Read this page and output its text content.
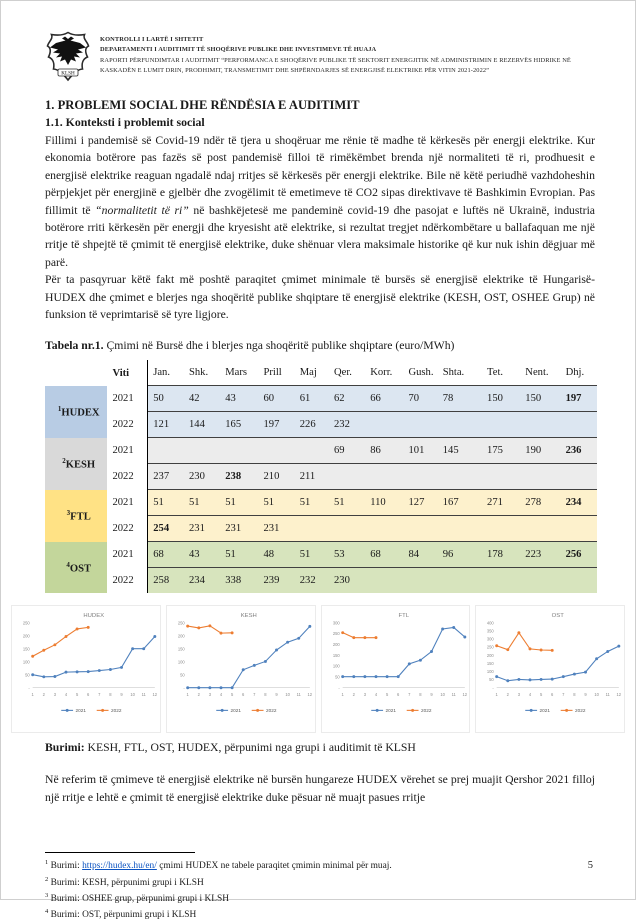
KLSH
KONTROLLI I LARTË I SHTETIT
DEPARTAMENTI I AUDITIMIT TË SHOQËRIVE PUBLIKE DHE INVESTIMEVE TË HUAJA
RAPORTI PËRFUNDIMTAR I AUDITIMIT “PERFORMANCA E SHOQËRIVE PUBLIKE TË SEKTORIT ENERGJITIK NË ADMINISTRIMIN E REZERVËS HIDRIKE NË
KASKADËN E LUMIT DRIN, PRODHIMIT, TRANSMETIMIT DHE SHPËRNDARJES SË ENERGJISË ELEKTRIKE PËR VITIN 2021-2022”
1. PROBLEMI SOCIAL DHE RËNDËSIA E AUDITIMIT
1.1. Konteksti i problemit social

Fillimi i pandemisë së Covid-19 ndër të tjera u shoqëruar me rënie të madhe të kërkesës për energji elektrike. Kur ekonomia botërore pas fazës së post pandemisë filloi të rimëkëmbet brenda një normaliteti të ri, prodhuesit e energjisë elektrike reaguan ngadalë ndaj rritjes së kërkesës për energji elektrike. Bile në këtë periudhë vazhdoheshin përpjekjet për energjinë e gjelbër dhe zvogëlimit të emetimeve të CO2 sipas direktivave të Bashkimin Evropian. Pas fillimit të “normalitetit të ri” në bashkëjetesë me pandeminë covid-19 dhe pasojat e luftës në Ukrainë, industria botërore rriti kërkesën për energji dhe kryesisht atë elektrike, si rezultat tregjet ndërkombëtare u ballafaquan me një rritje të shpejtë të çmimit të energjisë elektrike, duke shënuar vlera maksimale historike që kur nuk ishin dëgjuar më parë.

Për ta pasqyruar këtë fakt më poshtë paraqitet çmimet minimale të bursës së energjisë elektrike të Hungarisë-HUDEX dhe çmimet e blerjes nga shoqëritë publike shqiptare të energjisë elektrike (KESH, OST, OSHEE Grup) në funksion të veprimtarisë së tyre ligjore.

Tabela nr.1. Çmimi në Bursë dhe i blerjes nga shoqëritë publike shqiptare (euro/MWh)
	Viti	Jan.	Shk.	Mars	Prill	Maj	Qer.	Korr.	Gush.	Shta.	Tet.	Nent.	Dhj.
$^1$HUDEX	2021	50	42	43	60	61	62	66	70	78	150	150	197
	2022	121	144	165	197	226	232						
$^2$KESH	2021						69	86	101	145	175	190	236
	2022	237	230	238	210	211							
$^3$FTL	2021	51	51	51	51	51	51	110	127	167	271	278	234
	2022	254	231	231	231								
$^4$OST	2021	68	43	51	48	51	53	68	84	96	178	223	256
	2022	258	234	338	239	232	230						
HUDEX
250
200
150
100
50
-
1 2 3 4 5 6 7 8 9 10 11 12
2021	2022
KESH
250
200
150
100
50
-
1 2 3 4 5 6 7 8 9 10 11 12
2021	2022
FTL
300
250
200
150
100
50
-
1 2 3 4 5 6 7 8 9 10 11 12
2021	2022
OST
400
350
300
250
200
150
100
50
-
1 2 3 4 5 6 7 8 9 10 11 12
2021	2022
Burimi: KESH, FTL, OST, HUDEX, përpunimi nga grupi i auditimit të KLSH

Në referim të çmimeve të energjisë elektrike në bursën hungareze HUDEX vërehet se prej muajit Qershor 2021 filloj një rritje e lehtë e çmimit të energjisë elektrike duke pësuar në muajt pasues rritje

$^1$ Burimi: https://hudex.hu/en/ çmimi HUDEX ne tabele paraqitet çmimin minimal për muaj.
$^2$ Burimi: KESH, përpunimi grupi i KLSH
$^3$ Burimi: OSHEE grup, përpunimi grupi i KLSH
$^4$ Burimi: OST, përpunimi grupi i KLSH
5
